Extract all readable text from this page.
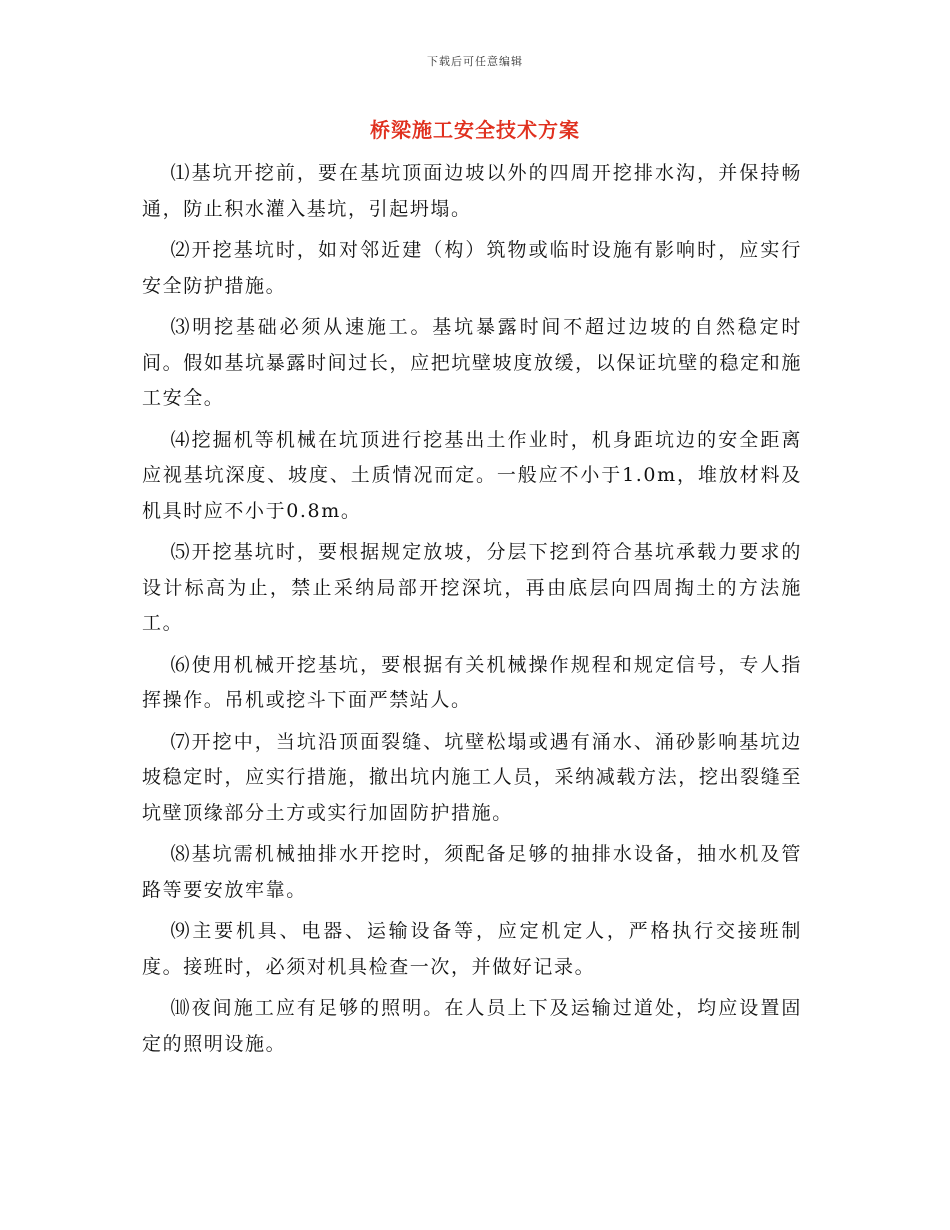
下载后可任意编辑
桥梁施工安全技术方案

⑴基坑开挖前，要在基坑顶面边坡以外的四周开挖排水沟，并保持畅通，防止积水灌入基坑，引起坍塌。

⑵开挖基坑时，如对邻近建（构）筑物或临时设施有影响时，应实行安全防护措施。

⑶明挖基础必须从速施工。基坑暴露时间不超过边坡的自然稳定时间。假如基坑暴露时间过长，应把坑壁坡度放缓，以保证坑壁的稳定和施工安全。

⑷挖掘机等机械在坑顶进行挖基出土作业时，机身距坑边的安全距离应视基坑深度、坡度、土质情况而定。一般应不小于1.0m，堆放材料及机具时应不小于0.8m。

⑸开挖基坑时，要根据规定放坡，分层下挖到符合基坑承载力要求的设计标高为止，禁止采纳局部开挖深坑，再由底层向四周掏土的方法施工。

⑹使用机械开挖基坑，要根据有关机械操作规程和规定信号，专人指挥操作。吊机或挖斗下面严禁站人。

⑺开挖中，当坑沿顶面裂缝、坑壁松塌或遇有涌水、涌砂影响基坑边坡稳定时，应实行措施，撤出坑内施工人员，采纳减载方法，挖出裂缝至坑壁顶缘部分土方或实行加固防护措施。

⑻基坑需机械抽排水开挖时，须配备足够的抽排水设备，抽水机及管路等要安放牢靠。

⑼主要机具、电器、运输设备等，应定机定人，严格执行交接班制度。接班时，必须对机具检查一次，并做好记录。

⑽夜间施工应有足够的照明。在人员上下及运输过道处，均应设置固定的照明设施。
